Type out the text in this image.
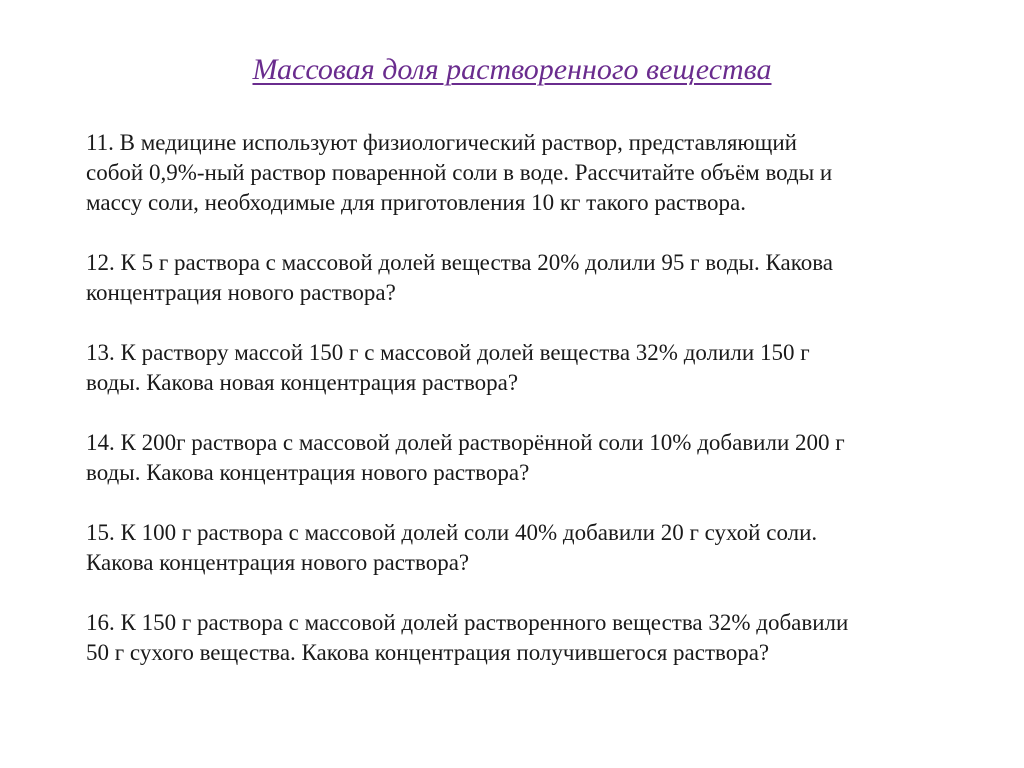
Массовая доля растворенного вещества

11. В медицине используют физиологический раствор, представляющий
собой 0,9%-ный раствор поваренной соли в воде. Рассчитайте объём воды и
массу соли, необходимые для приготовления 10 кг такого раствора.

12. К 5 г раствора с массовой долей вещества 20% долили 95 г воды. Какова
концентрация нового раствора?

13. К раствору массой 150 г с массовой долей вещества 32% долили 150 г
воды. Какова новая концентрация раствора?

14. К 200г раствора с массовой долей растворённой соли 10% добавили 200 г
воды. Какова концентрация нового раствора?

15. К 100 г раствора с массовой долей соли 40% добавили 20 г сухой соли.
Какова концентрация нового раствора?

16. К 150 г раствора с массовой долей растворенного вещества 32% добавили
50 г сухого вещества. Какова концентрация получившегося раствора?
